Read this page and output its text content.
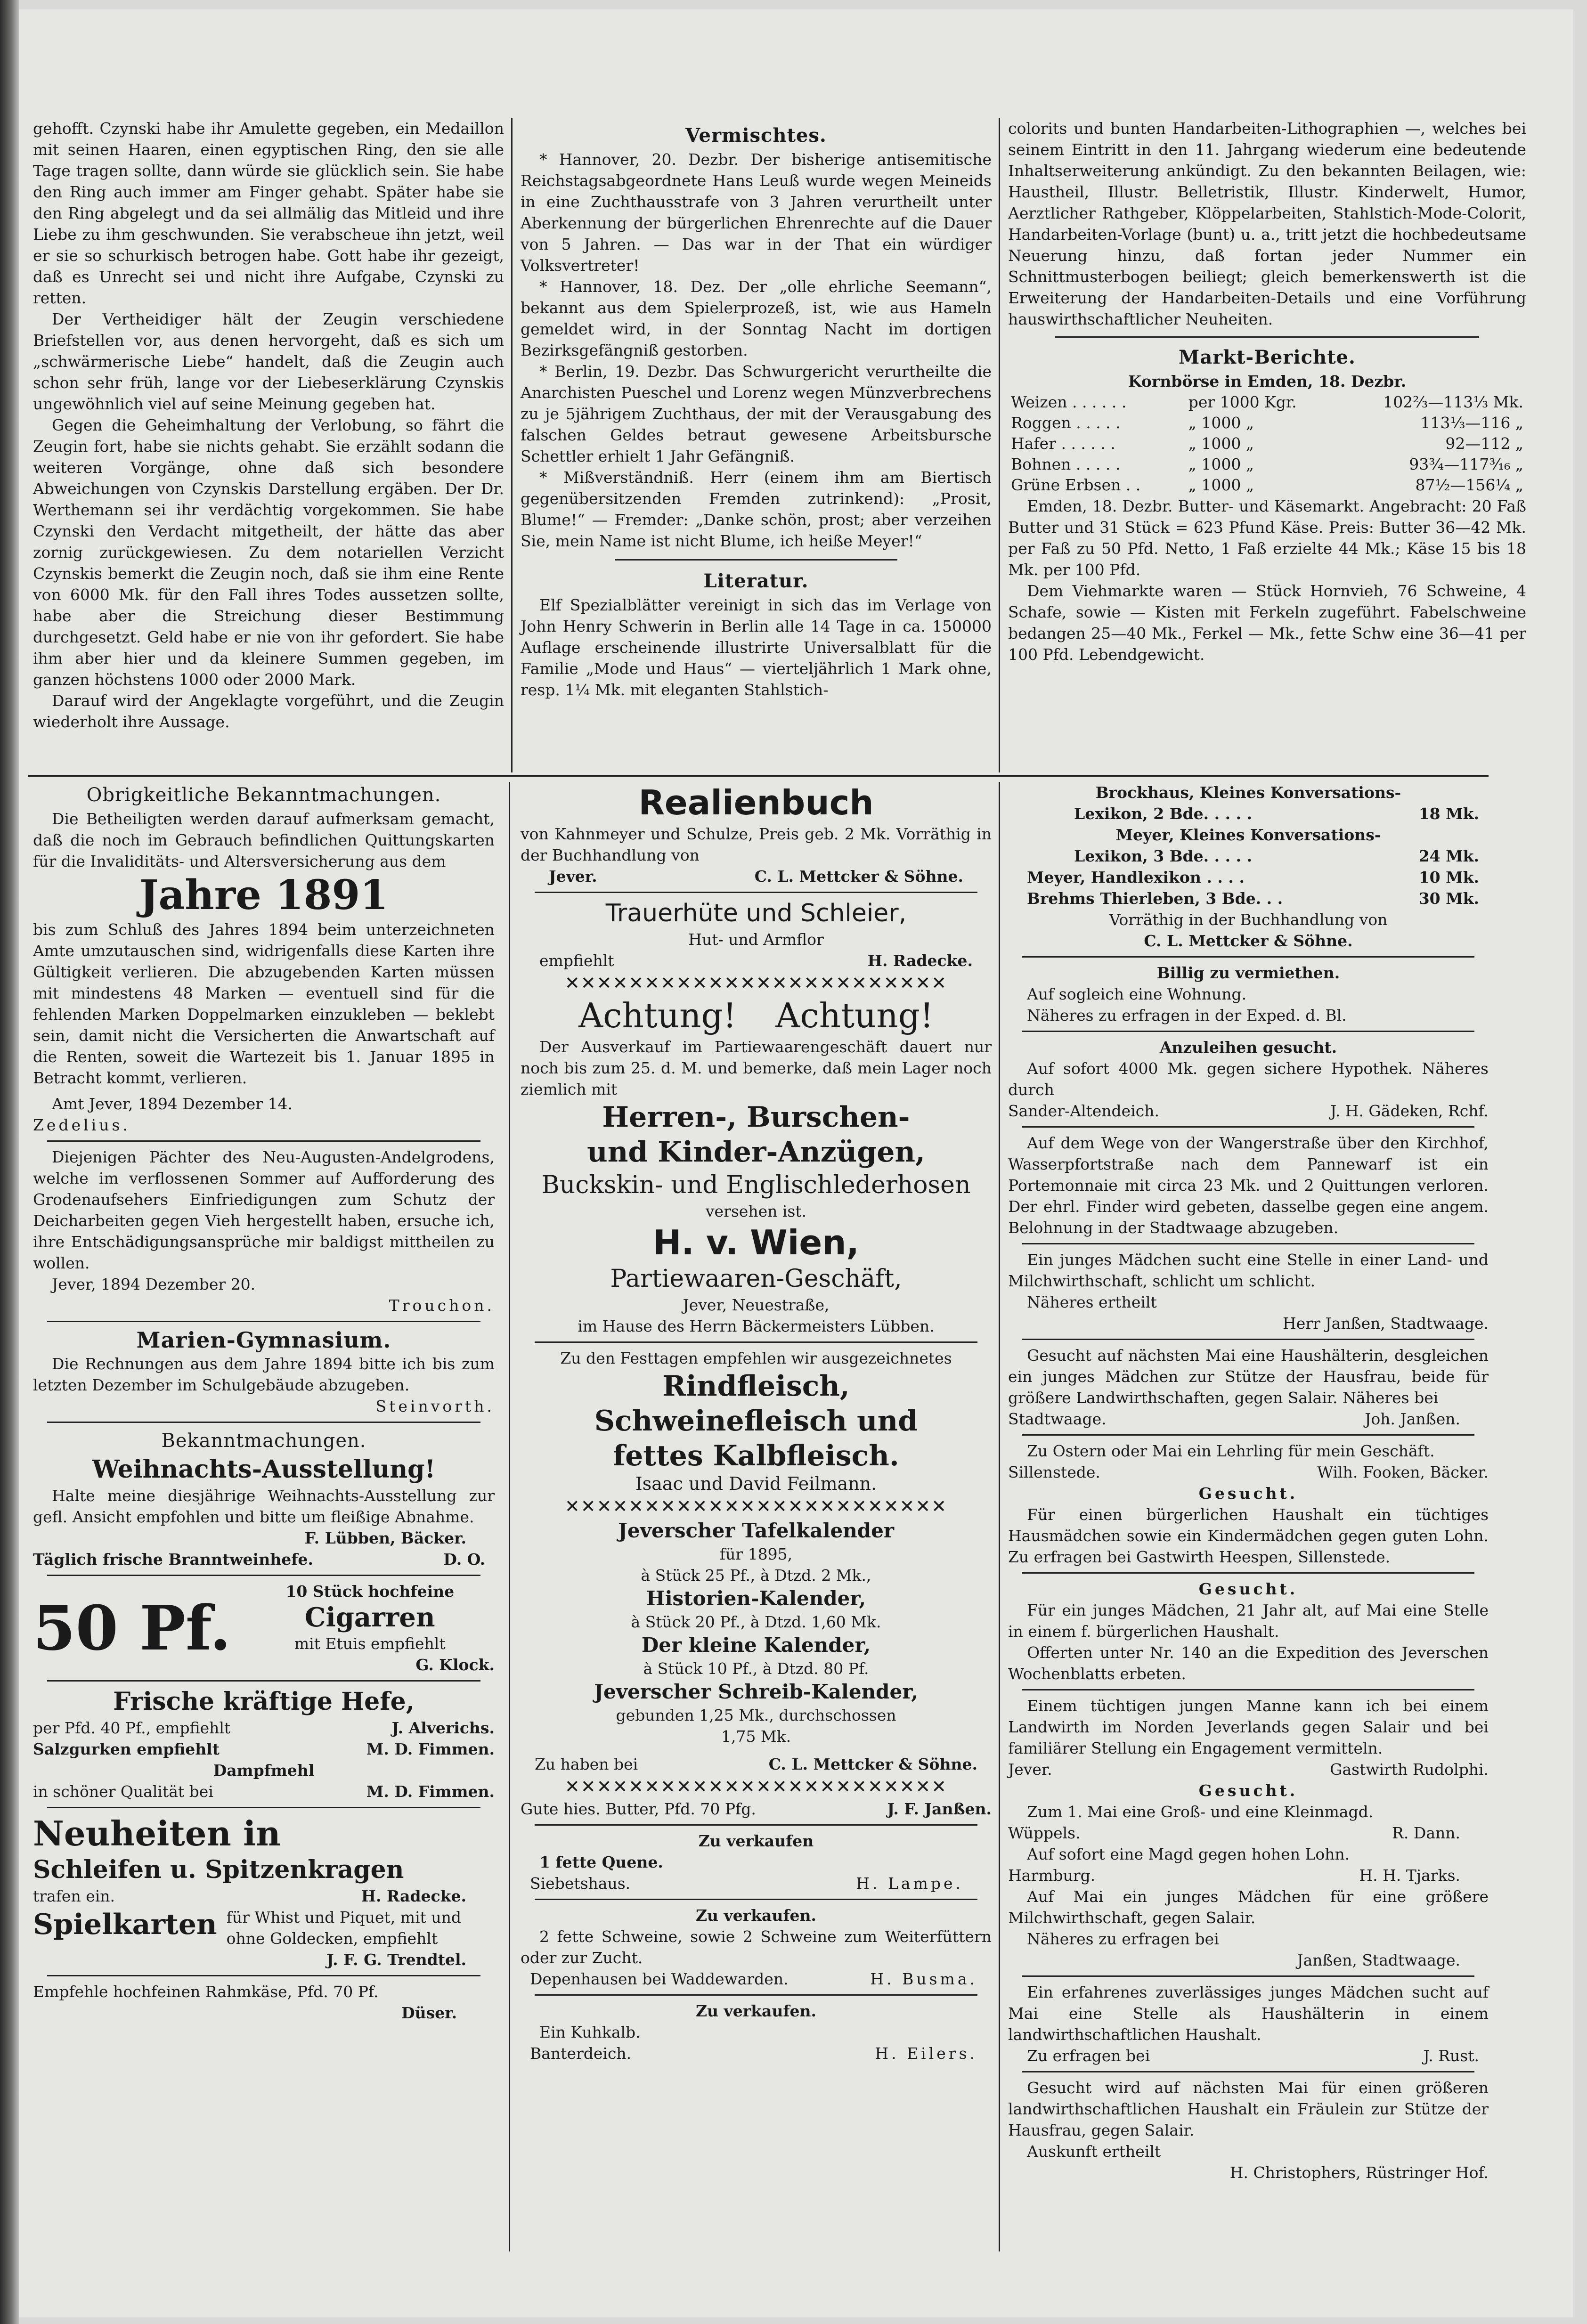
gehofft. Czynski habe ihr Amulette gegeben, ein Medaillon mit seinen Haaren, einen egyptischen Ring, den sie alle Tage tragen sollte, dann würde sie glücklich sein. Sie habe den Ring auch immer am Finger gehabt. Später habe sie den Ring abgelegt und da sei allmälig das Mitleid und ihre Liebe zu ihm geschwunden. Sie verabscheue ihn jetzt, weil er sie so schurkisch betrogen habe. Gott habe ihr gezeigt, daß es Unrecht sei und nicht ihre Aufgabe, Czynski zu retten.

Der Vertheidiger hält der Zeugin verschiedene Briefstellen vor, aus denen hervorgeht, daß es sich um „schwärmerische Liebe“ handelt, daß die Zeugin auch schon sehr früh, lange vor der Liebeserklärung Czynskis ungewöhnlich viel auf seine Meinung gegeben hat.

Gegen die Geheimhaltung der Verlobung, so fährt die Zeugin fort, habe sie nichts gehabt. Sie erzählt sodann die weiteren Vorgänge, ohne daß sich besondere Abweichungen von Czynskis Darstellung ergäben. Der Dr. Werthemann sei ihr verdächtig vorgekommen. Sie habe Czynski den Verdacht mitgetheilt, der hätte das aber zornig zurückgewiesen. Zu dem notariellen Verzicht Czynskis bemerkt die Zeugin noch, daß sie ihm eine Rente von 6000 Mk. für den Fall ihres Todes aussetzen sollte, habe aber die Streichung dieser Bestimmung durchgesetzt. Geld habe er nie von ihr gefordert. Sie habe ihm aber hier und da kleinere Summen gegeben, im ganzen höchstens 1000 oder 2000 Mark.

Darauf wird der Angeklagte vorgeführt, und die Zeugin wiederholt ihre Aussage.

Vermischtes.

* Hannover, 20. Dezbr. Der bisherige antisemitische Reichstagsabgeordnete Hans Leuß wurde wegen Meineids in eine Zuchthausstrafe von 3 Jahren verurtheilt unter Aberkennung der bürgerlichen Ehrenrechte auf die Dauer von 5 Jahren. — Das war in der That ein würdiger Volksvertreter!

* Hannover, 18. Dez. Der „olle ehrliche Seemann“, bekannt aus dem Spielerprozeß, ist, wie aus Hameln gemeldet wird, in der Sonntag Nacht im dortigen Bezirksgefängniß gestorben.

* Berlin, 19. Dezbr. Das Schwurgericht verurtheilte die Anarchisten Pueschel und Lorenz wegen Münzverbrechens zu je 5jährigem Zuchthaus, der mit der Verausgabung des falschen Geldes betraut gewesene Arbeitsbursche Schettler erhielt 1 Jahr Gefängniß.

* Mißverständniß. Herr (einem ihm am Biertisch gegenübersitzenden Fremden zutrinkend): „Prosit, Blume!“ — Fremder: „Danke schön, prost; aber verzeihen Sie, mein Name ist nicht Blume, ich heiße Meyer!“

Literatur.

Elf Spezialblätter vereinigt in sich das im Verlage von John Henry Schwerin in Berlin alle 14 Tage in ca. 150000 Auflage erscheinende illustrirte Universalblatt für die Familie „Mode und Haus“ — vierteljährlich 1 Mark ohne, resp. 1¼ Mk. mit eleganten Stahlstich-

colorits und bunten Handarbeiten-Lithographien —, welches bei seinem Eintritt in den 11. Jahrgang wiederum eine bedeutende Inhaltserweiterung ankündigt. Zu den bekannten Beilagen, wie: Haustheil, Illustr. Belletristik, Illustr. Kinderwelt, Humor, Aerztlicher Rathgeber, Klöppelarbeiten, Stahlstich-Mode-Colorit, Handarbeiten-Vorlage (bunt) u. a., tritt jetzt die hochbedeutsame Neuerung hinzu, daß fortan jeder Nummer ein Schnittmusterbogen beiliegt; gleich bemerkenswerth ist die Erweiterung der Handarbeiten-Details und eine Vorführung hauswirthschaftlicher Neuheiten.

Markt-Berichte.
Kornbörse in Emden, 18. Dezbr.
Weizen . . . . . .	per 1000 Kgr.	102⅔—113⅓ Mk.
Roggen . . . . .	„ 1000 „	113⅓—116 „
Hafer . . . . . .	„ 1000 „	92—112 „
Bohnen . . . . .	„ 1000 „	93¾—117³⁄₁₆ „
Grüne Erbsen . .	„ 1000 „	87½—156¼ „

Emden, 18. Dezbr. Butter- und Käsemarkt. Angebracht: 20 Faß Butter und 31 Stück = 623 Pfund Käse. Preis: Butter 36—42 Mk. per Faß zu 50 Pfd. Netto, 1 Faß erzielte 44 Mk.; Käse 15 bis 18 Mk. per 100 Pfd.

Dem Viehmarkte waren — Stück Hornvieh, 76 Schweine, 4 Schafe, sowie — Kisten mit Ferkeln zugeführt. Fabelschweine bedangen 25—40 Mk., Ferkel — Mk., fette Schw eine 36—41 per 100 Pfd. Lebendgewicht.

Obrigkeitliche Bekanntmachungen.

Die Betheiligten werden darauf aufmerksam gemacht, daß die noch im Gebrauch befindlichen Quittungskarten für die Invaliditäts- und Altersversicherung aus dem

Jahre 1891

bis zum Schluß des Jahres 1894 beim unterzeichneten Amte umzutauschen sind, widrigenfalls diese Karten ihre Gültigkeit verlieren. Die abzugebenden Karten müssen mit mindestens 48 Marken — eventuell sind für die fehlenden Marken Doppelmarken einzukleben — beklebt sein, damit nicht die Versicherten die Anwartschaft auf die Renten, soweit die Wartezeit bis 1. Januar 1895 in Betracht kommt, verlieren.

Amt Jever, 1894 Dezember 14.

Zedelius.

Diejenigen Pächter des Neu-Augusten-Andelgrodens, welche im verflossenen Sommer auf Aufforderung des Grodenaufsehers Einfriedigungen zum Schutz der Deicharbeiten gegen Vieh hergestellt haben, ersuche ich, ihre Entschädigungsansprüche mir baldigst mittheilen zu wollen.

Jever, 1894 Dezember 20.

Trouchon.
Marien-Gymnasium.

Die Rechnungen aus dem Jahre 1894 bitte ich bis zum letzten Dezember im Schulgebäude abzugeben.

Steinvorth.
Bekanntmachungen.
Weihnachts-Ausstellung!

Halte meine diesjährige Weihnachts-Ausstellung zur gefl. Ansicht empfohlen und bitte um fleißige Abnahme.

F. Lübben, Bäcker.
Täglich frische Branntweinhefe.	D. O.
50 Pf.
10 Stück hochfeine
Cigarren
mit Etuis empfiehlt
G. Klock.
Frische kräftige Hefe,
per Pfd. 40 Pf., empfiehlt	J. Alverichs.
Salzgurken empfiehlt	M. D. Fimmen.
Dampfmehl
in schöner Qualität bei	M. D. Fimmen.
Neuheiten in
Schleifen u. Spitzenkragen
trafen ein.	H. Radecke.
Spielkarten für Whist und Piquet, mit und ohne Goldecken, empfiehlt
J. F. G. Trendtel.
Empfehle hochfeinen Rahmkäse, Pfd. 70 Pf.
Düser.
Realienbuch

von Kahnmeyer und Schulze, Preis geb. 2 Mk. Vorräthig in der Buchhandlung von

Jever.	C. L. Mettcker & Söhne.
Trauerhüte und Schleier,
Hut- und Armflor
empfiehlt	H. Radecke.
✕✕✕✕✕✕✕✕✕✕✕✕✕✕✕✕✕✕✕✕✕✕✕✕
Achtung! Achtung!

Der Ausverkauf im Partiewaarengeschäft dauert nur noch bis zum 25. d. M. und bemerke, daß mein Lager noch ziemlich mit

Herren-, Burschen-
und Kinder-Anzügen,
Buckskin- und Englischlederhosen
versehen ist.
H. v. Wien,
Partiewaaren-Geschäft,
Jever, Neuestraße,
im Hause des Herrn Bäckermeisters Lübben.
Zu den Festtagen empfehlen wir ausgezeichnetes
Rindfleisch,
Schweinefleisch und
fettes Kalbfleisch.
Isaac und David Feilmann.
✕✕✕✕✕✕✕✕✕✕✕✕✕✕✕✕✕✕✕✕✕✕✕✕
Jeverscher Tafelkalender
für 1895,
à Stück 25 Pf., à Dtzd. 2 Mk.,
Historien-Kalender,
à Stück 20 Pf., à Dtzd. 1,60 Mk.
Der kleine Kalender,
à Stück 10 Pf., à Dtzd. 80 Pf.
Jeverscher Schreib-Kalender,
gebunden 1,25 Mk., durchschossen
1,75 Mk.
Zu haben bei	C. L. Mettcker & Söhne.
✕✕✕✕✕✕✕✕✕✕✕✕✕✕✕✕✕✕✕✕✕✕✕✕
Gute hies. Butter, Pfd. 70 Pfg.	J. F. Janßen.
Zu verkaufen
1 fette Quene.
Siebetshaus.	H. Lampe.
Zu verkaufen.

2 fette Schweine, sowie 2 Schweine zum Weiterfüttern oder zur Zucht.

Depenhausen bei Waddewarden.	H. Busma.
Zu verkaufen.
Ein Kuhkalb.
Banterdeich.	H. Eilers.
Brockhaus, Kleines Konversations-
Lexikon, 2 Bde. . . . .	18 Mk.
Meyer, Kleines Konversations-
Lexikon, 3 Bde. . . . .	24 Mk.
Meyer, Handlexikon . . . .	10 Mk.
Brehms Thierleben, 3 Bde. . .	30 Mk.
Vorräthig in der Buchhandlung von
C. L. Mettcker & Söhne.
Billig zu vermiethen.

Auf sogleich eine Wohnung.

Näheres zu erfragen in der Exped. d. Bl.

Anzuleihen gesucht.

Auf sofort 4000 Mk. gegen sichere Hypothek. Näheres durch

Sander-Altendeich.	J. H. Gädeken, Rchf.

Auf dem Wege von der Wangerstraße über den Kirchhof, Wasserpfortstraße nach dem Pannewarf ist ein Portemonnaie mit circa 23 Mk. und 2 Quittungen verloren. Der ehrl. Finder wird gebeten, dasselbe gegen eine angem. Belohnung in der Stadtwaage abzugeben.

Ein junges Mädchen sucht eine Stelle in einer Land- und Milchwirthschaft, schlicht um schlicht.

Näheres ertheilt

Herr Janßen, Stadtwaage.

Gesucht auf nächsten Mai eine Haushälterin, desgleichen ein junges Mädchen zur Stütze der Hausfrau, beide für größere Landwirthschaften, gegen Salair. Näheres bei

Stadtwaage.	Joh. Janßen.

Zu Ostern oder Mai ein Lehrling für mein Geschäft.

Sillenstede.	Wilh. Fooken, Bäcker.
Gesucht.

Für einen bürgerlichen Haushalt ein tüchtiges Hausmädchen sowie ein Kindermädchen gegen guten Lohn. Zu erfragen bei Gastwirth Heespen, Sillenstede.

Gesucht.

Für ein junges Mädchen, 21 Jahr alt, auf Mai eine Stelle in einem f. bürgerlichen Haushalt.

Offerten unter Nr. 140 an die Expedition des Jeverschen Wochenblatts erbeten.

Einem tüchtigen jungen Manne kann ich bei einem Landwirth im Norden Jeverlands gegen Salair und bei familiärer Stellung ein Engagement vermitteln.

Jever.	Gastwirth Rudolphi.
Gesucht.

Zum 1. Mai eine Groß- und eine Kleinmagd.

Wüppels.	R. Dann.

Auf sofort eine Magd gegen hohen Lohn.

Harmburg.	H. H. Tjarks.

Auf Mai ein junges Mädchen für eine größere Milchwirthschaft, gegen Salair.

Näheres zu erfragen bei

Janßen, Stadtwaage.

Ein erfahrenes zuverlässiges junges Mädchen sucht auf Mai eine Stelle als Haushälterin in einem landwirthschaftlichen Haushalt.

Zu erfragen bei	J. Rust.

Gesucht wird auf nächsten Mai für einen größeren landwirthschaftlichen Haushalt ein Fräulein zur Stütze der Hausfrau, gegen Salair.

Auskunft ertheilt

H. Christophers, Rüstringer Hof.
